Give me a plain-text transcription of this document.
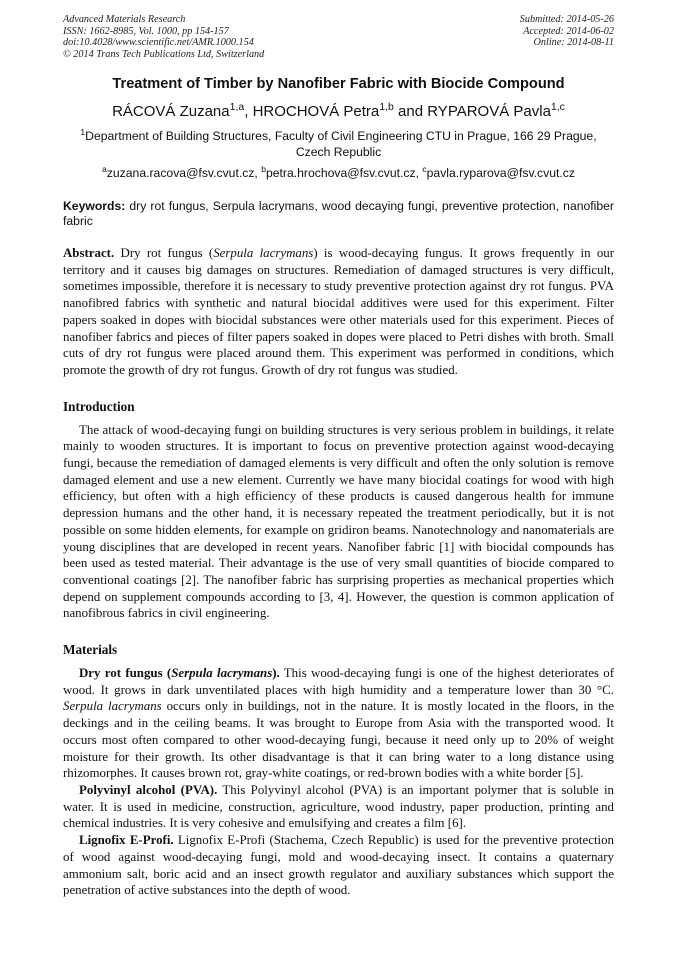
Advanced Materials Research
ISSN: 1662-8985, Vol. 1000, pp 154-157
doi:10.4028/www.scientific.net/AMR.1000.154
© 2014 Trans Tech Publications Ltd, Switzerland
Submitted: 2014-05-26
Accepted: 2014-06-02
Online: 2014-08-11
Treatment of Timber by Nanofiber Fabric with Biocide Compound
RÁCOVÁ Zuzana$^{1,a}$, HROCHOVÁ Petra$^{1,b}$ and RYPAROVÁ Pavla$^{1,c}$
$^1$Department of Building Structures, Faculty of Civil Engineering CTU in Prague, 166 29 Prague, Czech Republic
$^a$zuzana.racova@fsv.cvut.cz, $^b$petra.hrochova@fsv.cvut.cz, $^c$pavla.ryparova@fsv.cvut.cz
Keywords: dry rot fungus, Serpula lacrymans, wood decaying fungi, preventive protection, nanofiber fabric
Abstract. Dry rot fungus (Serpula lacrymans) is wood-decaying fungus. It grows frequently in our territory and it causes big damages on structures. Remediation of damaged structures is very difficult, sometimes impossible, therefore it is necessary to study preventive protection against dry rot fungus. PVA nanofibred fabrics with synthetic and natural biocidal additives were used for this experiment. Filter papers soaked in dopes with biocidal substances were other materials used for this experiment. Pieces of nanofiber fabrics and pieces of filter papers soaked in dopes were placed to Petri dishes with broth. Small cuts of dry rot fungus were placed around them. This experiment was performed in conditions, which promote the growth of dry rot fungus. Growth of dry rot fungus was studied.
Introduction

The attack of wood-decaying fungi on building structures is very serious problem in buildings, it relate mainly to wooden structures. It is important to focus on preventive protection against wood-decaying fungi, because the remediation of damaged elements is very difficult and often the only solution is remove damaged element and use a new element. Currently we have many biocidal coatings for wood with high efficiency, but often with a high efficiency of these products is caused dangerous health for immune depression humans and the other hand, it is necessary repeated the treatment periodically, but it is not possible on some hidden elements, for example on gridiron beams. Nanotechnology and nanomaterials are young disciplines that are developed in recent years. Nanofiber fabric [1] with biocidal compounds has been used as tested material. Their advantage is the use of very small quantities of biocide compared to conventional coatings [2]. The nanofiber fabric has surprising properties as mechanical properties which depend on supplement compounds according to [3, 4]. However, the question is common application of nanofibrous fabrics in civil engineering.

Materials

Dry rot fungus (Serpula lacrymans). This wood-decaying fungi is one of the highest deteriorates of wood. It grows in dark unventilated places with high humidity and a temperature lower than 30 °C. Serpula lacrymans occurs only in buildings, not in the nature. It is mostly located in the floors, in the deckings and in the ceiling beams. It was brought to Europe from Asia with the transported wood. It occurs most often compared to other wood-decaying fungi, because it need only up to 20% of weight moisture for their growth. Its other disadvantage is that it can bring water to a long distance using rhizomorphes. It causes brown rot, gray-white coatings, or red-brown bodies with a white border [5].

Polyvinyl alcohol (PVA). This Polyvinyl alcohol (PVA) is an important polymer that is soluble in water. It is used in medicine, construction, agriculture, wood industry, paper production, printing and chemical industries. It is very cohesive and emulsifying and creates a film [6].

Lignofix E-Profi. Lignofix E-Profi (Stachema, Czech Republic) is used for the preventive protection of wood against wood-decaying fungi, mold and wood-decaying insect. It contains a quaternary ammonium salt, boric acid and an insect growth regulator and auxiliary substances which support the penetration of active substances into the depth of wood.
